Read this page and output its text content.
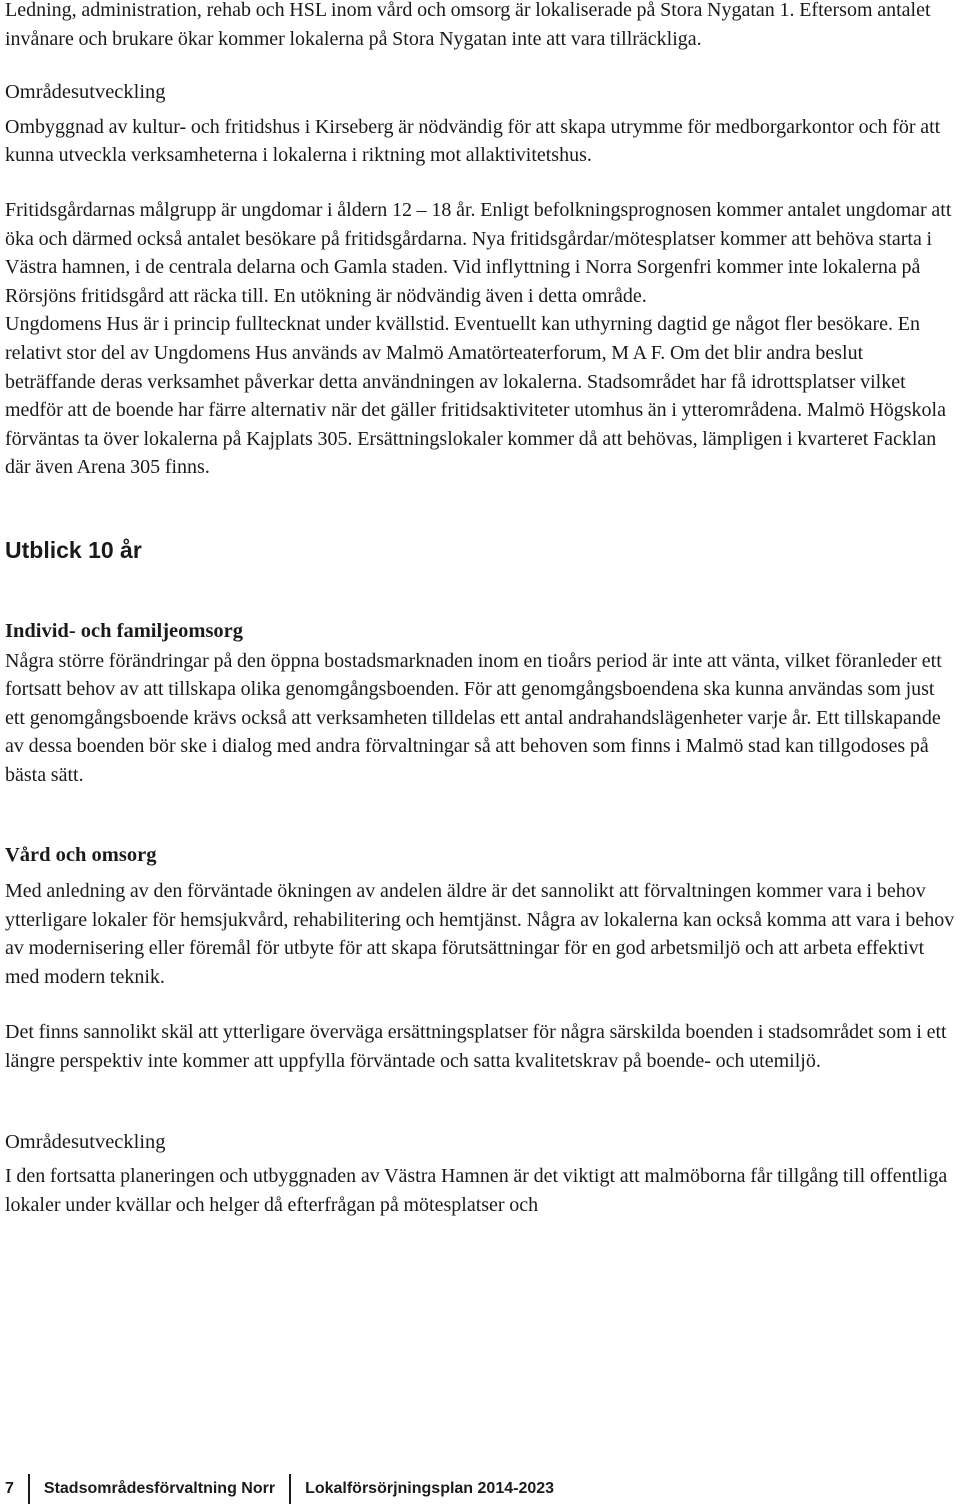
Ledning, administration, rehab och HSL inom vård och omsorg är lokaliserade på Stora Nygatan 1. Eftersom antalet invånare och brukare ökar kommer lokalerna på Stora Nygatan inte att vara tillräckliga.

Områdesutveckling

Ombyggnad av kultur- och fritidshus i Kirseberg är nödvändig för att skapa utrymme för medborgarkontor och för att kunna utveckla verksamheterna i lokalerna i riktning mot allaktivitetshus.

Fritidsgårdarnas målgrupp är ungdomar i åldern 12 – 18 år. Enligt befolkningsprognosen kommer antalet ungdomar att öka och därmed också antalet besökare på fritidsgårdarna. Nya fritidsgårdar/mötesplatser kommer att behöva starta i Västra hamnen, i de centrala delarna och Gamla staden. Vid inflyttning i Norra Sorgenfri kommer inte lokalerna på Rörsjöns fritidsgård att räcka till. En utökning är nödvändig även i detta område.

Ungdomens Hus är i princip fulltecknat under kvällstid. Eventuellt kan uthyrning dagtid ge något fler besökare. En relativt stor del av Ungdomens Hus används av Malmö Amatörteaterforum, M A F. Om det blir andra beslut beträffande deras verksamhet påverkar detta användningen av lokalerna. Stadsområdet har få idrottsplatser vilket medför att de boende har färre alternativ när det gäller fritidsaktiviteter utomhus än i ytterområdena. Malmö Högskola förväntas ta över lokalerna på Kajplats 305. Ersättningslokaler kommer då att behövas, lämpligen i kvarteret Facklan där även Arena 305 finns.

Utblick 10 år
Individ- och familjeomsorg

Några större förändringar på den öppna bostadsmarknaden inom en tioårs period är inte att vänta, vilket föranleder ett fortsatt behov av att tillskapa olika genomgångsboenden. För att genomgångsboendena ska kunna användas som just ett genomgångsboende krävs också att verksamheten tilldelas ett antal andrahandslägenheter varje år. Ett tillskapande av dessa boenden bör ske i dialog med andra förvaltningar så att behoven som finns i Malmö stad kan tillgodoses på bästa sätt.

Vård och omsorg

Med anledning av den förväntade ökningen av andelen äldre är det sannolikt att förvaltningen kommer vara i behov ytterligare lokaler för hemsjukvård, rehabilitering och hemtjänst. Några av lokalerna kan också komma att vara i behov av modernisering eller föremål för utbyte för att skapa förutsättningar för en god arbetsmiljö och att arbeta effektivt med modern teknik.

Det finns sannolikt skäl att ytterligare överväga ersättningsplatser för några särskilda boenden i stadsområdet som i ett längre perspektiv inte kommer att uppfylla förväntade och satta kvalitetskrav på boende- och utemiljö.

Områdesutveckling

I den fortsatta planeringen och utbyggnaden av Västra Hamnen är det viktigt att malmöborna får tillgång till offentliga lokaler under kvällar och helger då efterfrågan på mötesplatser och

7 Stadsområdesförvaltning Norr Lokalförsörjningsplan 2014-2023
